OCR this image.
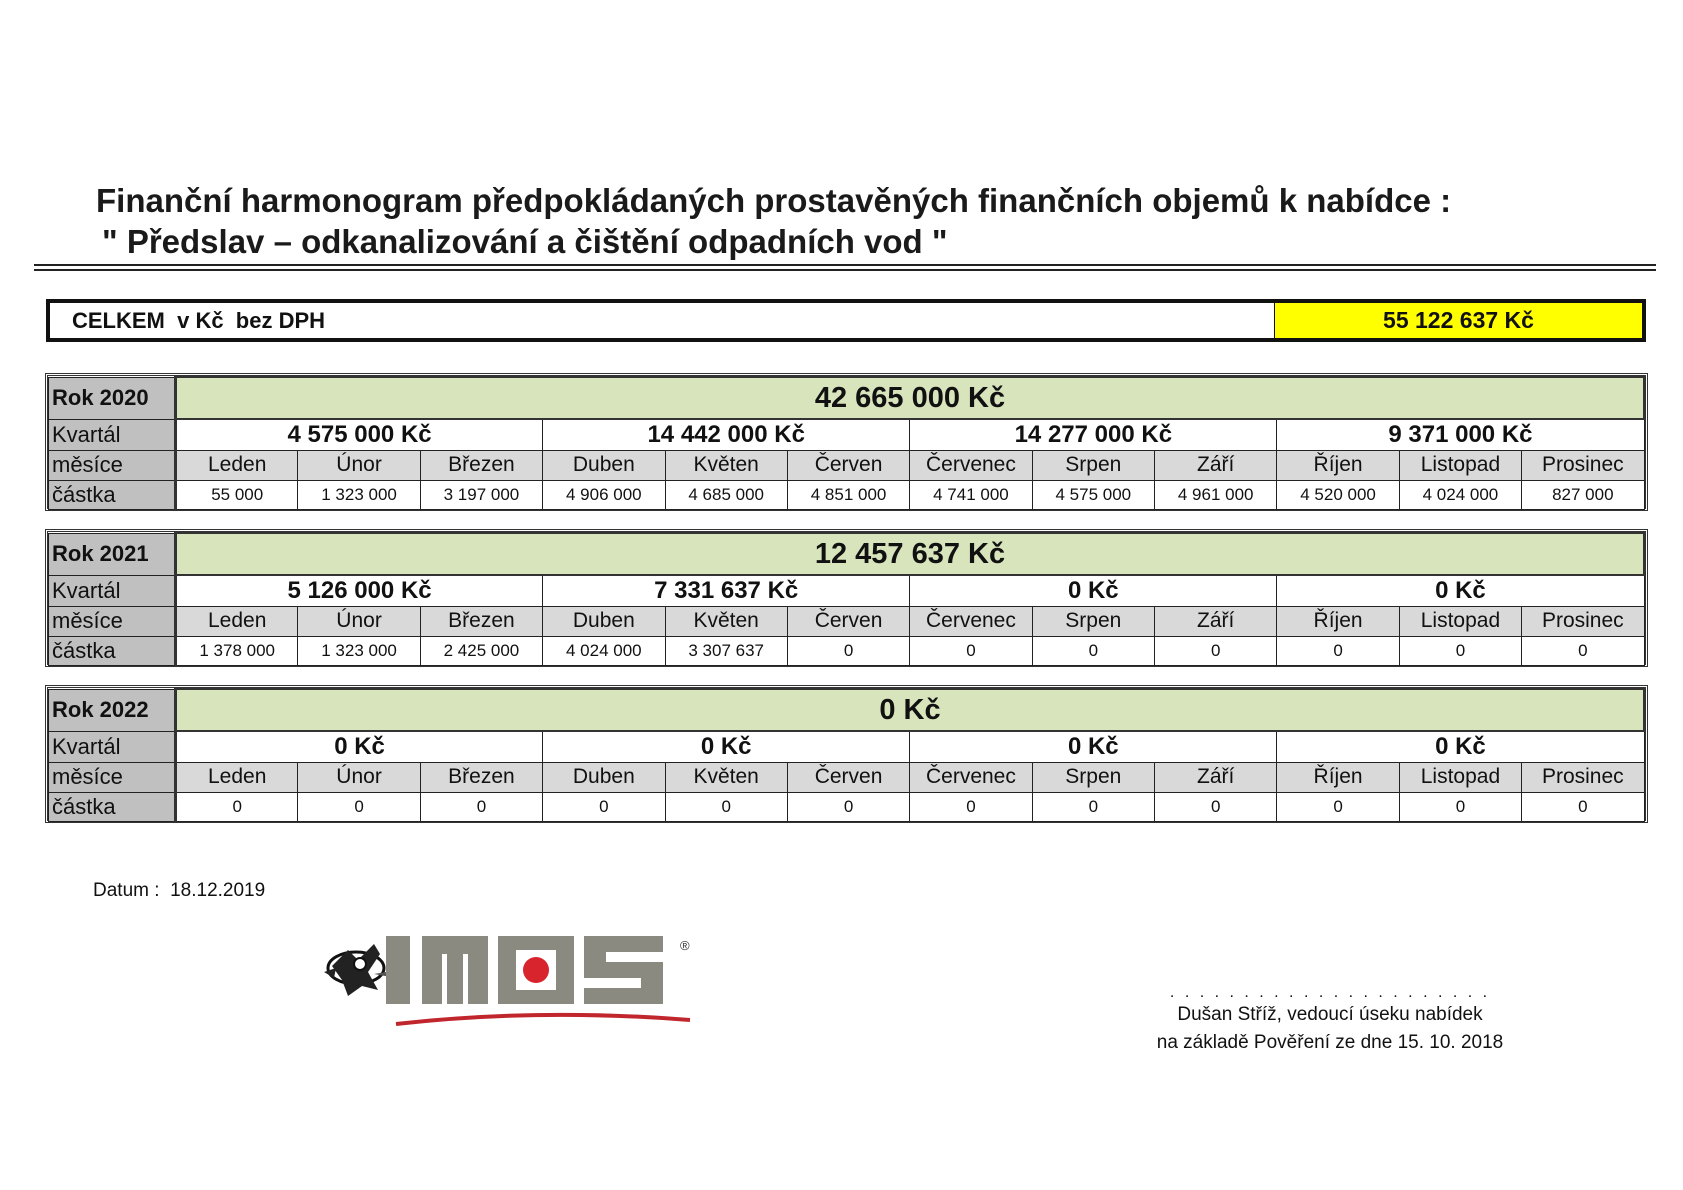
Finanční harmonogram předpokládaných prostavěných finančních objemů k nabídce :
" Předslav – odkanalizování a čištění odpadních vod "
CELKEM  v Kč  bez DPH	55 122 637 Kč
Rok 2020	42 665 000 Kč											
Kvartál	4 575 000 Kč			14 442 000 Kč			14 277 000 Kč			9 371 000 Kč		
měsíce	Leden	Únor	Březen	Duben	Květen	Červen	Červenec	Srpen	Září	Říjen	Listopad	Prosinec
částka	55 000	1 323 000	3 197 000	4 906 000	4 685 000	4 851 000	4 741 000	4 575 000	4 961 000	4 520 000	4 024 000	827 000
Rok 2021	12 457 637 Kč											
Kvartál	5 126 000 Kč			7 331 637 Kč			0 Kč			0 Kč		
měsíce	Leden	Únor	Březen	Duben	Květen	Červen	Červenec	Srpen	Září	Říjen	Listopad	Prosinec
částka	1 378 000	1 323 000	2 425 000	4 024 000	3 307 637	0	0	0	0	0	0	0
Rok 2022	0 Kč											
Kvartál	0 Kč			0 Kč			0 Kč			0 Kč		
měsíce	Leden	Únor	Březen	Duben	Květen	Červen	Červenec	Srpen	Září	Říjen	Listopad	Prosinec
částka	0	0	0	0	0	0	0	0	0	0	0	0
Datum : 18.12.2019
®
. . . . . . . . . . . . . . . . . . . . . .
Dušan Stříž, vedoucí úseku nabídek
na základě Pověření ze dne 15. 10. 2018
